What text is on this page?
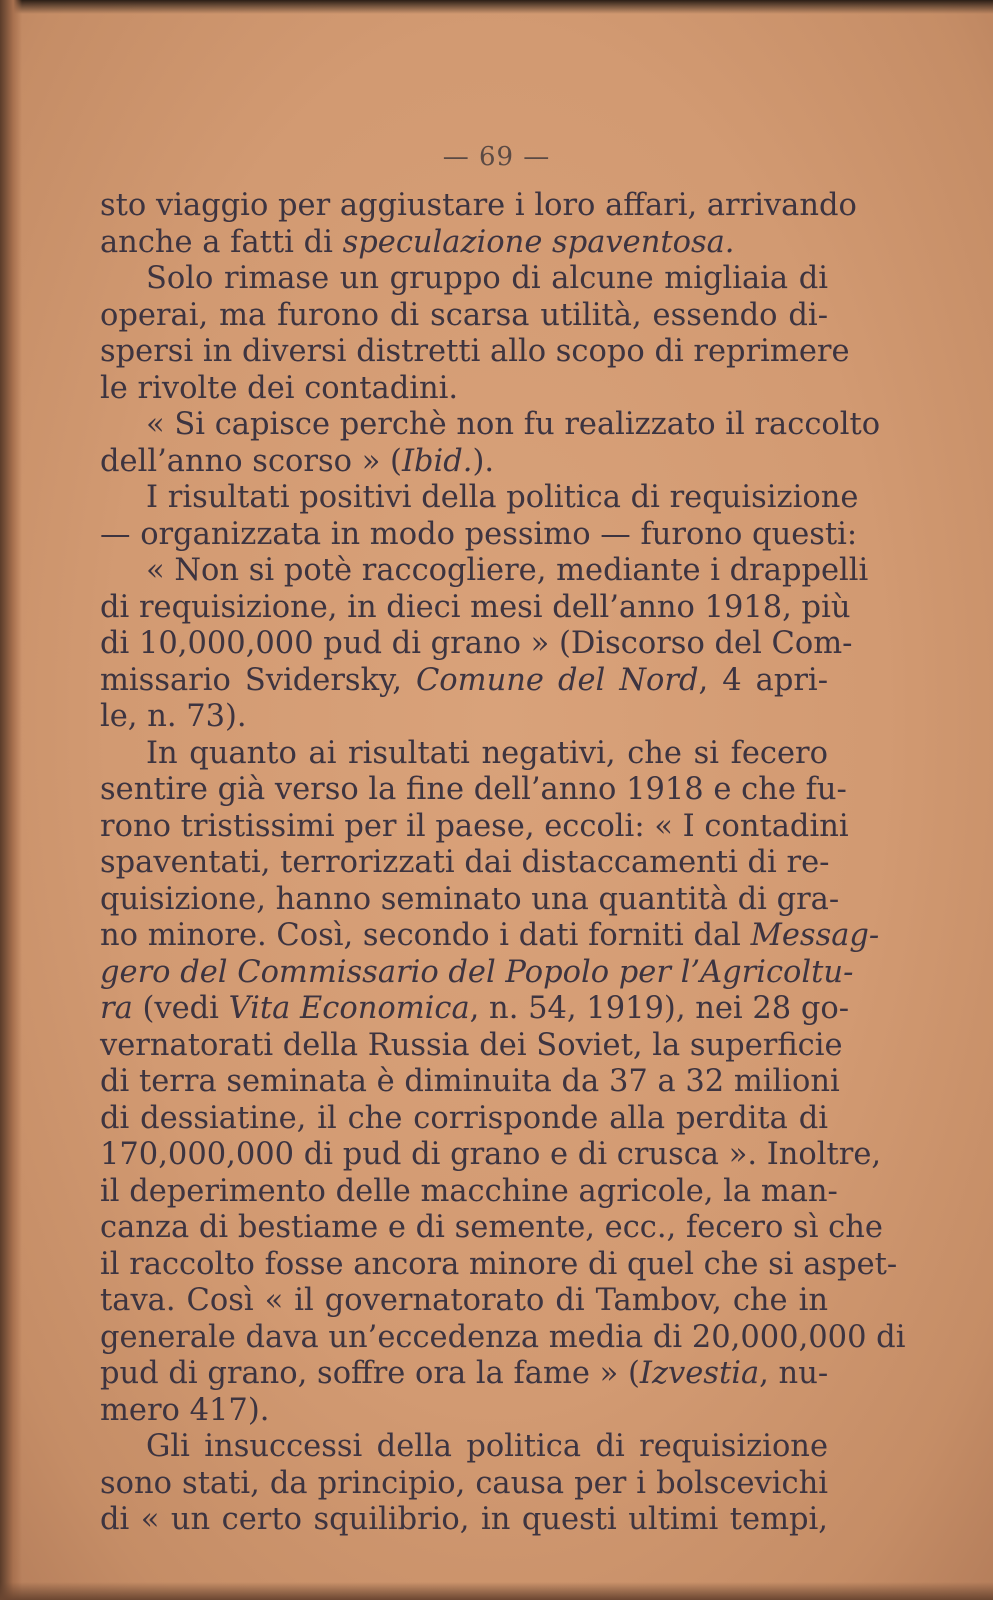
— 69 —
sto viaggio per aggiustare i loro affari, arrivando
anche a fatti di speculazione spaventosa.
Solo rimase un gruppo di alcune migliaia di
operai, ma furono di scarsa utilità, essendo di-
spersi in diversi distretti allo scopo di reprimere
le rivolte dei contadini.
« Si capisce perchè non fu realizzato il raccolto
dell’anno scorso » (Ibid.).
I risultati positivi della politica di requisizione
— organizzata in modo pessimo — furono questi:
« Non si potè raccogliere, mediante i drappelli
di requisizione, in dieci mesi dell’anno 1918, più
di 10,000,000 pud di grano » (Discorso del Com-
missario Svidersky, Comune del Nord, 4 apri-
le, n. 73).
In quanto ai risultati negativi, che si fecero
sentire già verso la fine dell’anno 1918 e che fu-
rono tristissimi per il paese, eccoli: « I contadini
spaventati, terrorizzati dai distaccamenti di re-
quisizione, hanno seminato una quantità di gra-
no minore. Così, secondo i dati forniti dal Messag-
gero del Commissario del Popolo per l’Agricoltu-
ra (vedi Vita Economica, n. 54, 1919), nei 28 go-
vernatorati della Russia dei Soviet, la superficie
di terra seminata è diminuita da 37 a 32 milioni
di dessiatine, il che corrisponde alla perdita di
170,000,000 di pud di grano e di crusca ». Inoltre,
il deperimento delle macchine agricole, la man-
canza di bestiame e di semente, ecc., fecero sì che
il raccolto fosse ancora minore di quel che si aspet-
tava. Così « il governatorato di Tambov, che in
generale dava un’eccedenza media di 20,000,000 di
pud di grano, soffre ora la fame » (Izvestia, nu-
mero 417).
Gli insuccessi della politica di requisizione
sono stati, da principio, causa per i bolscevichi
di « un certo squilibrio, in questi ultimi tempi,
